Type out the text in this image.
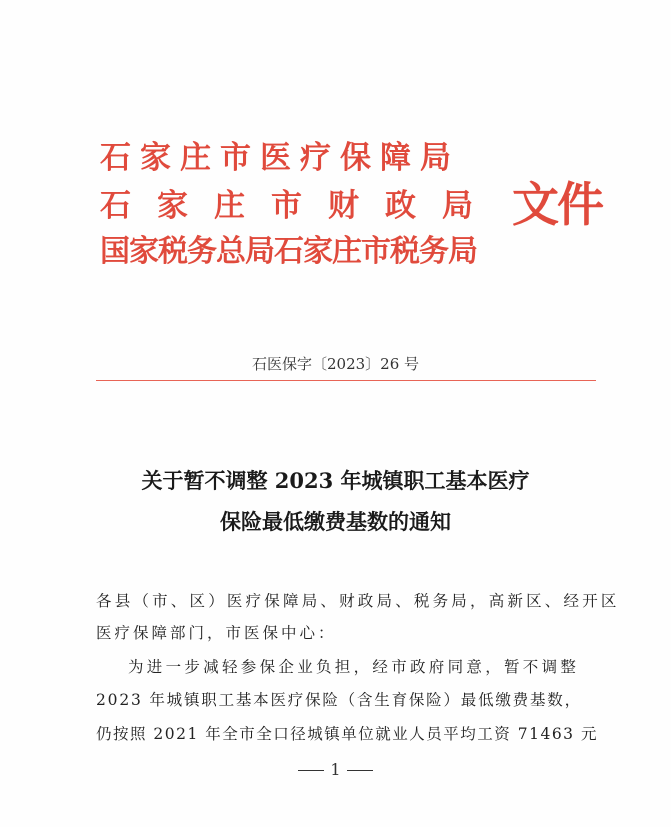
石家庄市医疗保障局
石家庄市财政局
国家税务总局石家庄市税务局
文件
石医保字〔2023〕26 号
关于暂不调整 2023 年城镇职工基本医疗
保险最低缴费基数的通知
各县（市、区）医疗保障局、财政局、税务局，高新区、经开区
医疗保障部门，市医保中心：
为进一步减轻参保企业负担，经市政府同意，暂不调整
2023 年城镇职工基本医疗保险（含生育保险）最低缴费基数，
仍按照 2021 年全市全口径城镇单位就业人员平均工资 71463 元
1
